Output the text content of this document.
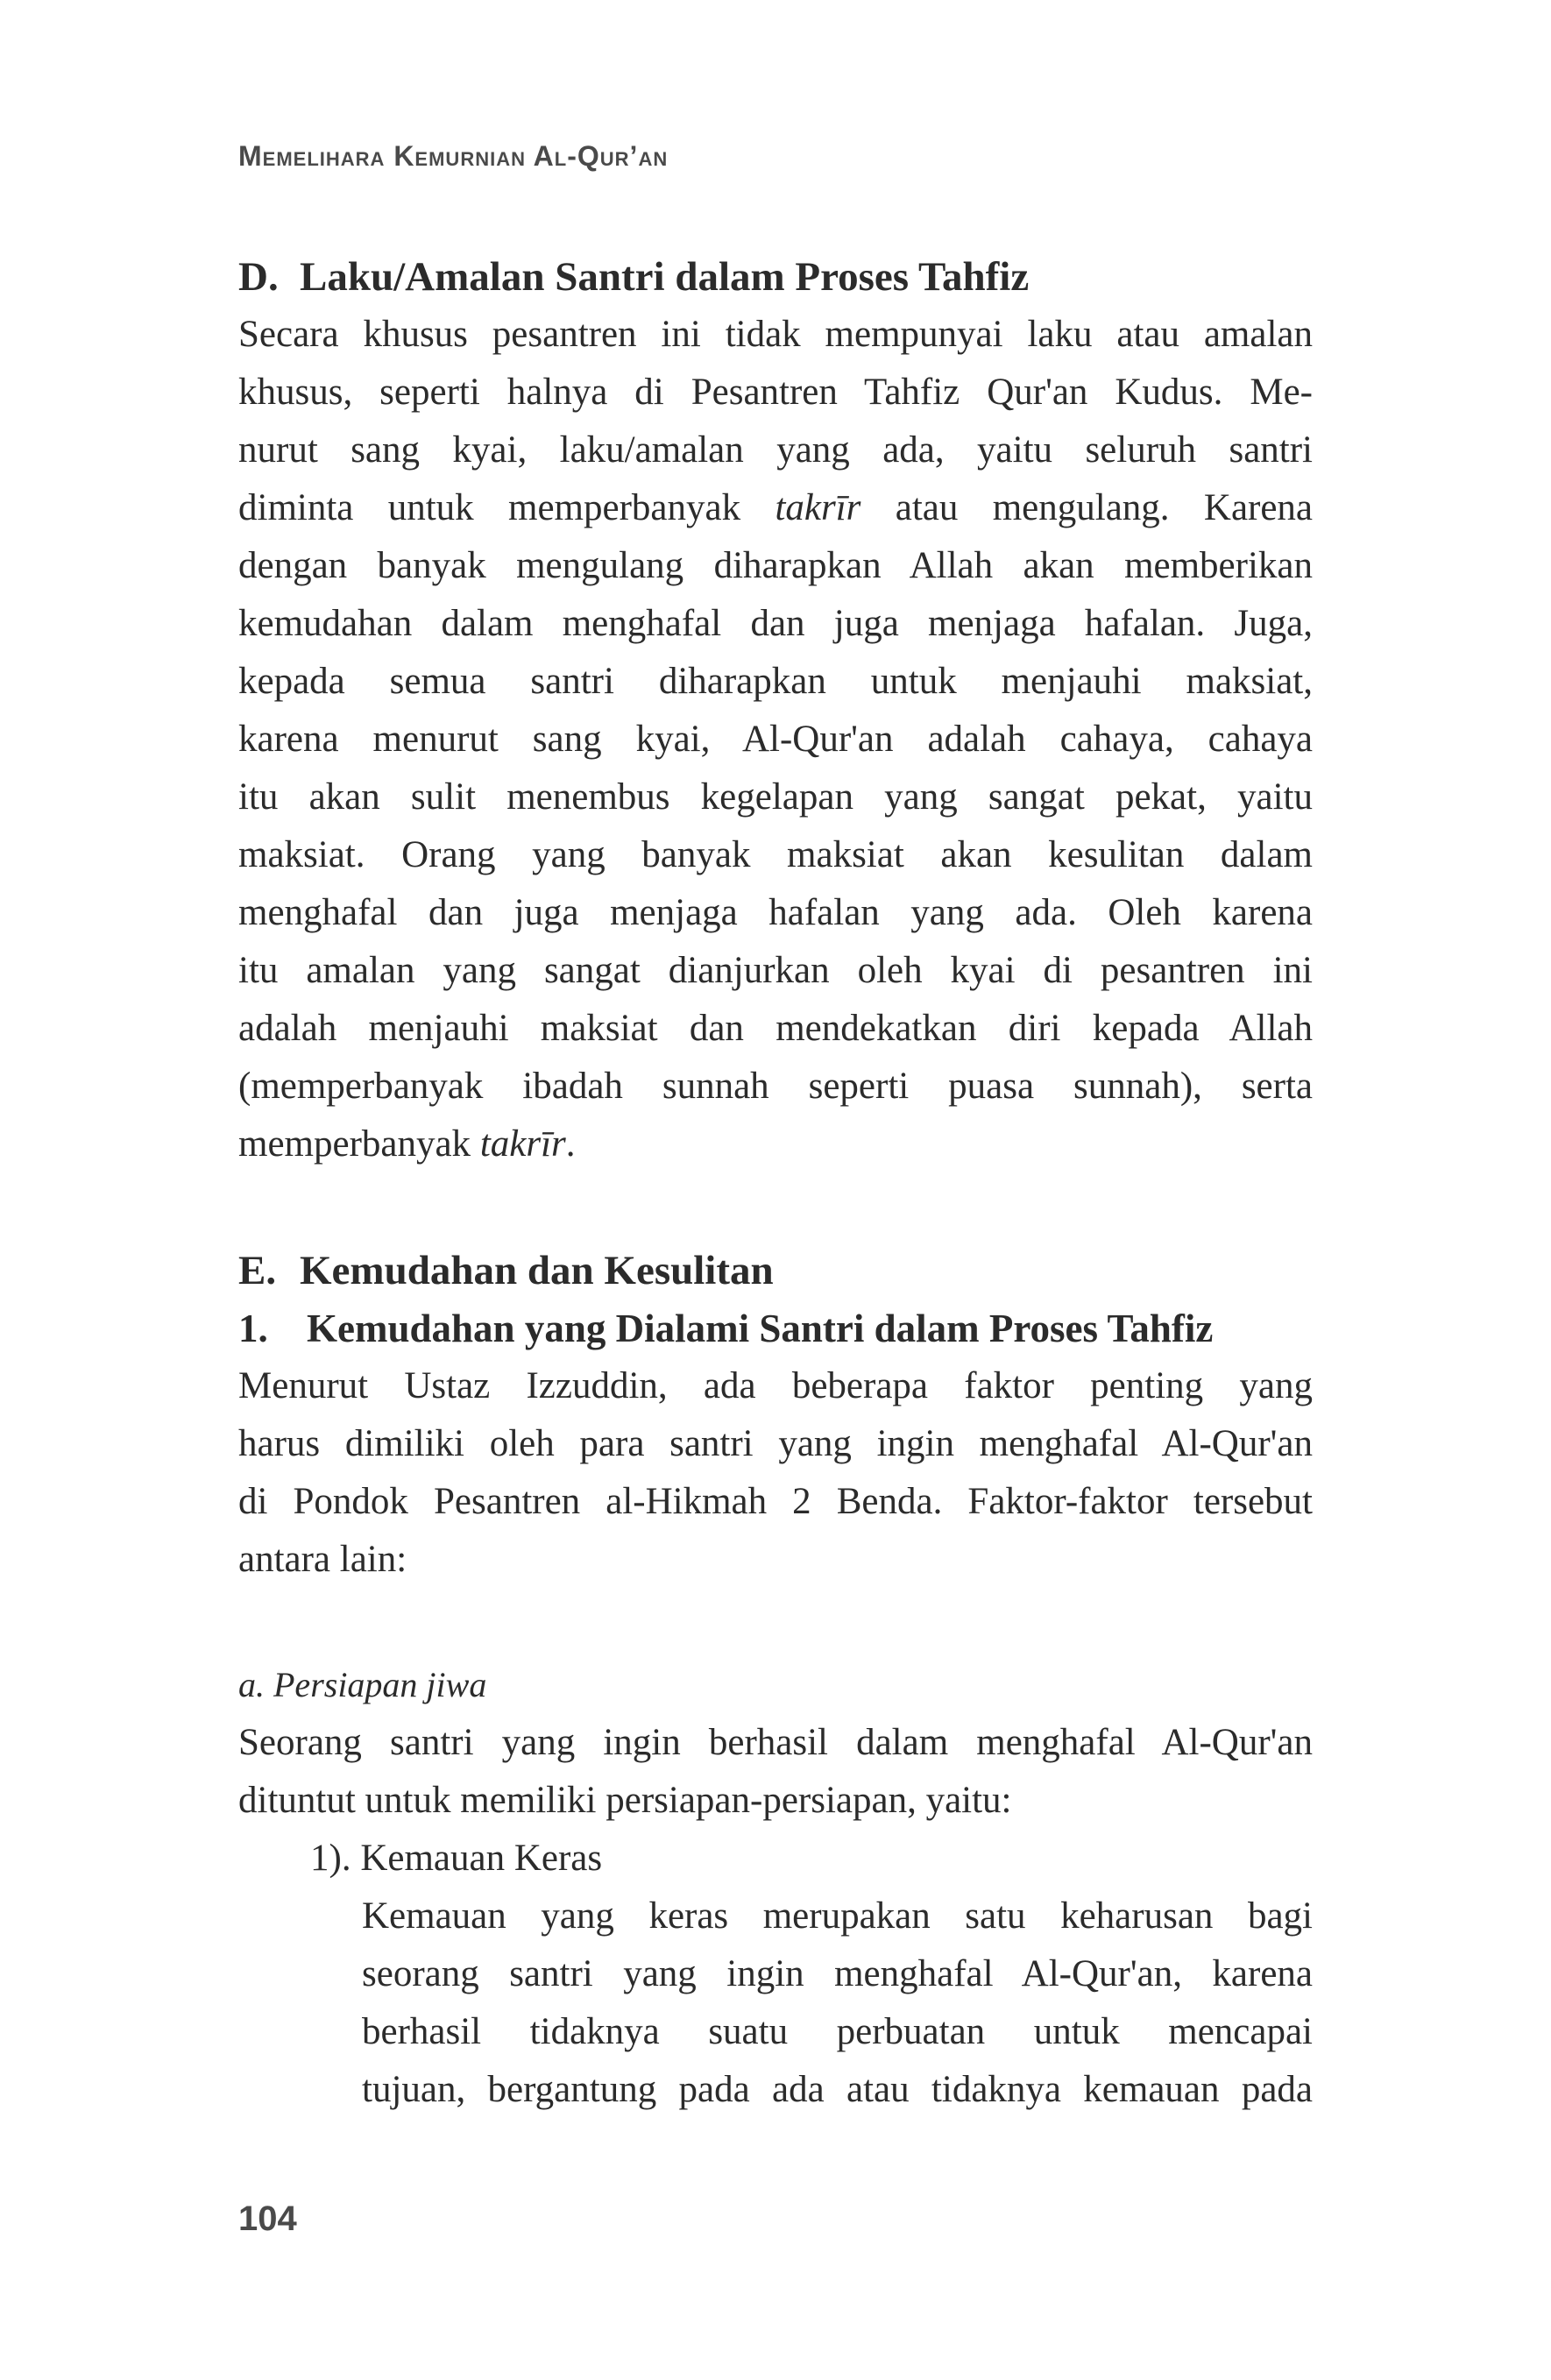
Memelihara Kemurnian Al-Qur’an
D. Laku/Amalan Santri dalam Proses Tahfiz
Secara khusus pesantren ini tidak mempunyai laku atau amalan
khusus, seperti halnya di Pesantren Tahfiz Qur'an Kudus. Me-
nurut sang kyai, laku/amalan yang ada, yaitu seluruh santri
diminta untuk memperbanyak takrīr atau mengulang. Karena
dengan banyak mengulang diharapkan Allah akan memberikan
kemudahan dalam menghafal dan juga menjaga hafalan. Juga,
kepada semua santri diharapkan untuk menjauhi maksiat,
karena menurut sang kyai, Al-Qur'an adalah cahaya, cahaya
itu akan sulit menembus kegelapan yang sangat pekat, yaitu
maksiat. Orang yang banyak maksiat akan kesulitan dalam
menghafal dan juga menjaga hafalan yang ada. Oleh karena
itu amalan yang sangat dianjurkan oleh kyai di pesantren ini
adalah menjauhi maksiat dan mendekatkan diri kepada Allah
(memperbanyak ibadah sunnah seperti puasa sunnah), serta
memperbanyak takrīr.
E. Kemudahan dan Kesulitan
1. Kemudahan yang Dialami Santri dalam Proses Tahfiz
Menurut Ustaz Izzuddin, ada beberapa faktor penting yang
harus dimiliki oleh para santri yang ingin menghafal Al-Qur'an
di Pondok Pesantren al-Hikmah 2 Benda. Faktor-faktor tersebut
antara lain:
a. Persiapan jiwa
Seorang santri yang ingin berhasil dalam menghafal Al-Qur'an
dituntut untuk memiliki persiapan-persiapan, yaitu:
1). Kemauan Keras
Kemauan yang keras merupakan satu keharusan bagi
seorang santri yang ingin menghafal Al-Qur'an, karena
berhasil tidaknya suatu perbuatan untuk mencapai
tujuan, bergantung pada ada atau tidaknya kemauan pada
104
